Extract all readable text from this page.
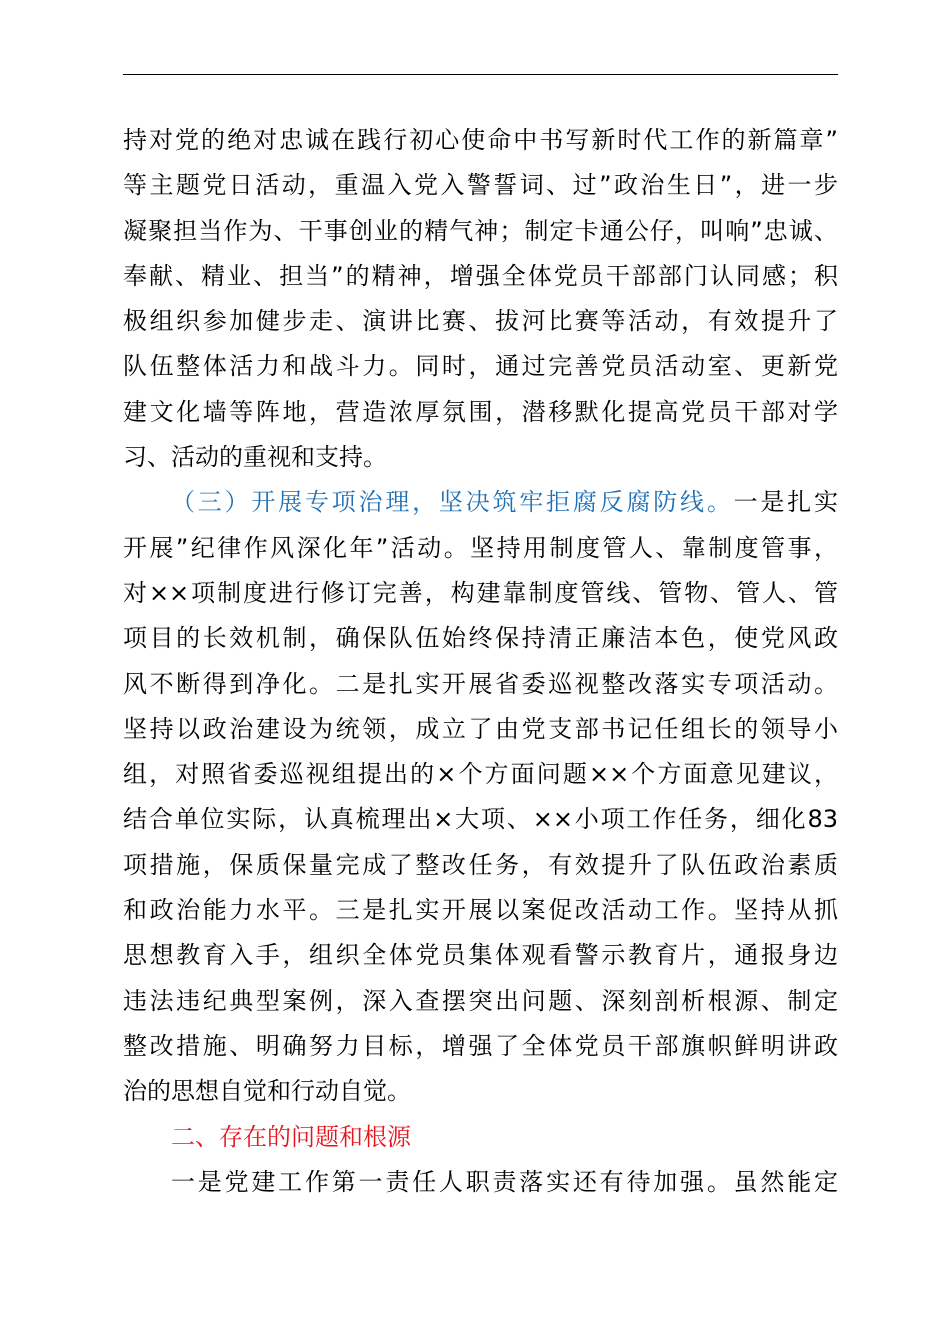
持对党的绝对忠诚在践行初心使命中书写新时代工作的新篇章”
等主题党日活动，重温入党入警誓词、过”政治生日”，进一步
凝聚担当作为、干事创业的精气神；制定卡通公仔，叫响”忠诚、
奉献、精业、担当”的精神，增强全体党员干部部门认同感；积
极组织参加健步走、演讲比赛、拔河比赛等活动，有效提升了
队伍整体活力和战斗力。同时，通过完善党员活动室、更新党
建文化墙等阵地，营造浓厚氛围，潜移默化提高党员干部对学
习、活动的重视和支持。
（三）开展专项治理，坚决筑牢拒腐反腐防线。一是扎实
开展”纪律作风深化年”活动。坚持用制度管人、靠制度管事，
对××项制度进行修订完善，构建靠制度管线、管物、管人、管
项目的长效机制，确保队伍始终保持清正廉洁本色，使党风政
风不断得到净化。二是扎实开展省委巡视整改落实专项活动。
坚持以政治建设为统领，成立了由党支部书记任组长的领导小
组，对照省委巡视组提出的×个方面问题××个方面意见建议，
结合单位实际，认真梳理出×大项、××小项工作任务，细化83
项措施，保质保量完成了整改任务，有效提升了队伍政治素质
和政治能力水平。三是扎实开展以案促改活动工作。坚持从抓
思想教育入手，组织全体党员集体观看警示教育片，通报身边
违法违纪典型案例，深入查摆突出问题、深刻剖析根源、制定
整改措施、明确努力目标，增强了全体党员干部旗帜鲜明讲政
治的思想自觉和行动自觉。
二、存在的问题和根源
一是党建工作第一责任人职责落实还有待加强。虽然能定
